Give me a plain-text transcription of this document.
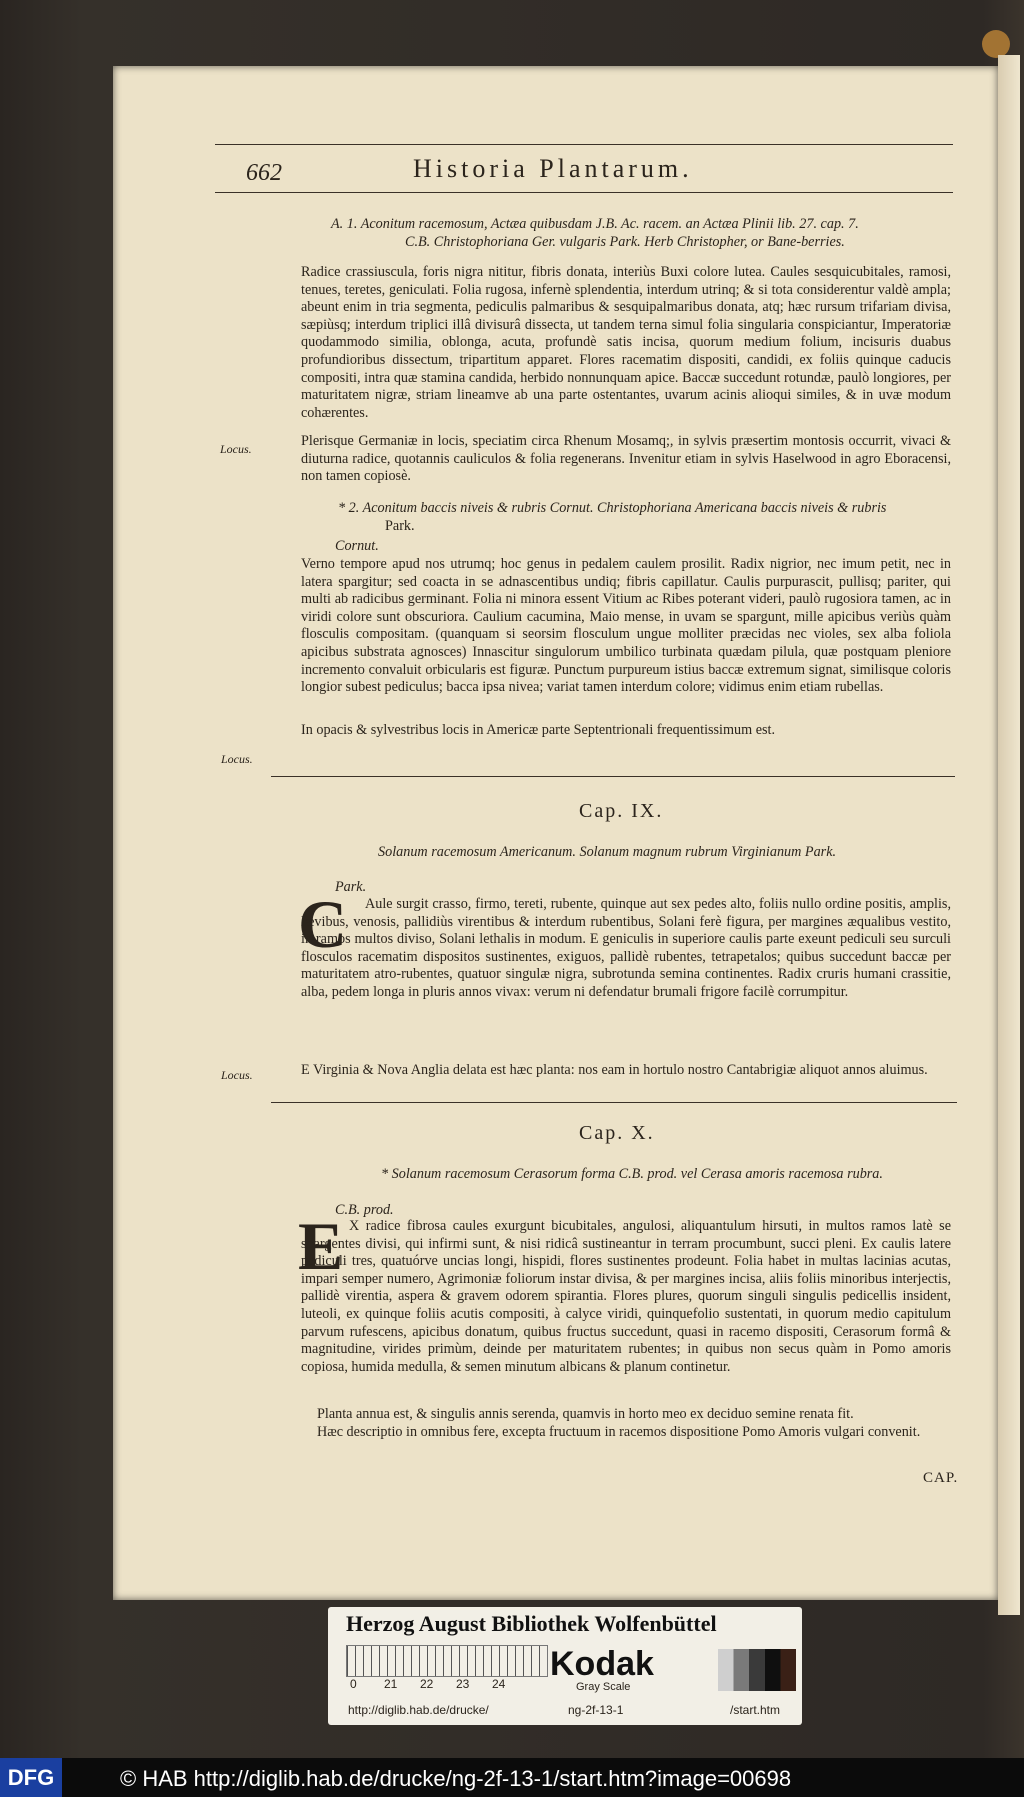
662	Historia Plantarum.
A. 1. Aconitum racemosum, Actæa quibusdam J.B. Ac. racem. an Actæa Plinii lib. 27. cap. 7.
C.B. Christophoriana Ger. vulgaris Park. Herb Christopher, or Bane-berries.
Radice crassiuscula, foris nigra nititur, fibris donata, interiùs Buxi colore lutea. Caules sesquicubitales, ramosi, tenues, teretes, geniculati. Folia rugosa, infernè splendentia, interdum utrinq; & si tota considerentur valdè ampla; abeunt enim in tria segmenta, pediculis palmaribus & sesquipalmaribus donata, atq; hæc rursum trifariam divisa, sæpiùsq; interdum triplici illâ divisurâ dissecta, ut tandem terna simul folia singularia conspiciantur, Imperatoriæ quodammodo similia, oblonga, acuta, profundè satis incisa, quorum medium folium, incisuris duabus profundioribus dissectum, tripartitum apparet. Flores racematim dispositi, candidi, ex foliis quinque caducis compositi, intra quæ stamina candida, herbido nonnunquam apice. Baccæ succedunt rotundæ, paulò longiores, per maturitatem nigræ, striam lineamve ab una parte ostentantes, uvarum acinis alioqui similes, & in uvæ modum cohærentes.
Locus.	Plerisque Germaniæ in locis, speciatim circa Rhenum Mosamq;, in sylvis præsertim montosis occurrit, vivaci & diuturna radice, quotannis cauliculos & folia regenerans. Invenitur etiam in sylvis Haselwood in agro Eboracensi, non tamen copiosè.
* 2. Aconitum baccis niveis & rubris Cornut. Christophoriana Americana baccis niveis & rubris
Park.
Cornut.
Verno tempore apud nos utrumq; hoc genus in pedalem caulem prosilit. Radix nigrior, nec imum petit, nec in latera spargitur; sed coacta in se adnascentibus undiq; fibris capillatur. Caulis purpurascit, pullisq; pariter, qui multi ab radicibus germinant. Folia ni minora essent Vitium ac Ribes poterant videri, paulò rugosiora tamen, ac in viridi colore sunt obscuriora. Caulium cacumina, Maio mense, in uvam se spargunt, mille apicibus veriùs quàm flosculis compositam. (quanquam si seorsim flosculum ungue molliter præcidas nec violes, sex alba foliola apicibus substrata agnosces) Innascitur singulorum umbilico turbinata quædam pilula, quæ postquam pleniore incremento convaluit orbicularis est figuræ. Punctum purpureum istius baccæ extremum signat, similisque coloris longior subest pediculus; bacca ipsa nivea; variat tamen interdum colore; vidimus enim etiam rubellas.
In opacis & sylvestribus locis in Americæ parte Septentrionali frequentissimum est.
Locus.
Cap. IX.
Solanum racemosum Americanum. Solanum magnum rubrum Virginianum Park.
Park.
C	Aule surgit crasso, firmo, tereti, rubente, quinque aut sex pedes alto, foliis nullo ordine positis, amplis, lævibus, venosis, pallidiùs virentibus & interdum rubentibus, Solani ferè figura, per margines æqualibus vestito, in ramos multos diviso, Solani lethalis in modum. E geniculis in superiore caulis parte exeunt pediculi seu surculi flosculos racematim dispositos sustinentes, exiguos, pallidè rubentes, tetrapetalos; quibus succedunt baccæ per maturitatem atro-rubentes, quatuor singulæ nigra, subrotunda semina continentes. Radix cruris humani crassitie, alba, pedem longa in pluris annos vivax: verum ni defendatur brumali frigore facilè corrumpitur.
Locus.	E Virginia & Nova Anglia delata est hæc planta: nos eam in hortulo nostro Cantabrigiæ aliquot annos aluimus.
Cap. X.
* Solanum racemosum Cerasorum forma C.B. prod. vel Cerasa amoris racemosa rubra.
C.B. prod.
E X radice fibrosa caules exurgunt bicubitales, angulosi, aliquantulum hirsuti, in multos ramos latè se spargentes divisi, qui infirmi sunt, & nisi ridicâ sustineantur in terram procumbunt, succi pleni. Ex caulis latere pediculi tres, quatuórve uncias longi, hispidi, flores sustinentes prodeunt. Folia habet in multas lacinias acutas, impari semper numero, Agrimoniæ foliorum instar divisa, & per margines incisa, aliis foliis minoribus interjectis, pallidè virentia, aspera & gravem odorem spirantia. Flores plures, quorum singuli singulis pedicellis insident, luteoli, ex quinque foliis acutis compositi, à calyce viridi, quinquefolio sustentati, in quorum medio capitulum parvum rufescens, apicibus donatum, quibus fructus succedunt, quasi in racemo dispositi, Cerasorum formâ & magnitudine, virides primùm, deinde per maturitatem rubentes; in quibus non secus quàm in Pomo amoris copiosa, humida medulla, & semen minutum albicans & planum continetur.
Planta annua est, & singulis annis serenda, quamvis in horto meo ex deciduo semine renata fit.
Hæc descriptio in omnibus fere, excepta fructuum in racemos dispositione Pomo Amoris vulgari convenit.
CAP.
Herzog August Bibliothek Wolfenbüttel
0 21 22 23 24
Kodak
Gray Scale
http://diglib.hab.de/drucke/	ng-2f-13-1	/start.htm
DFG	© HAB http://diglib.hab.de/drucke/ng-2f-13-1/start.htm?image=00698
